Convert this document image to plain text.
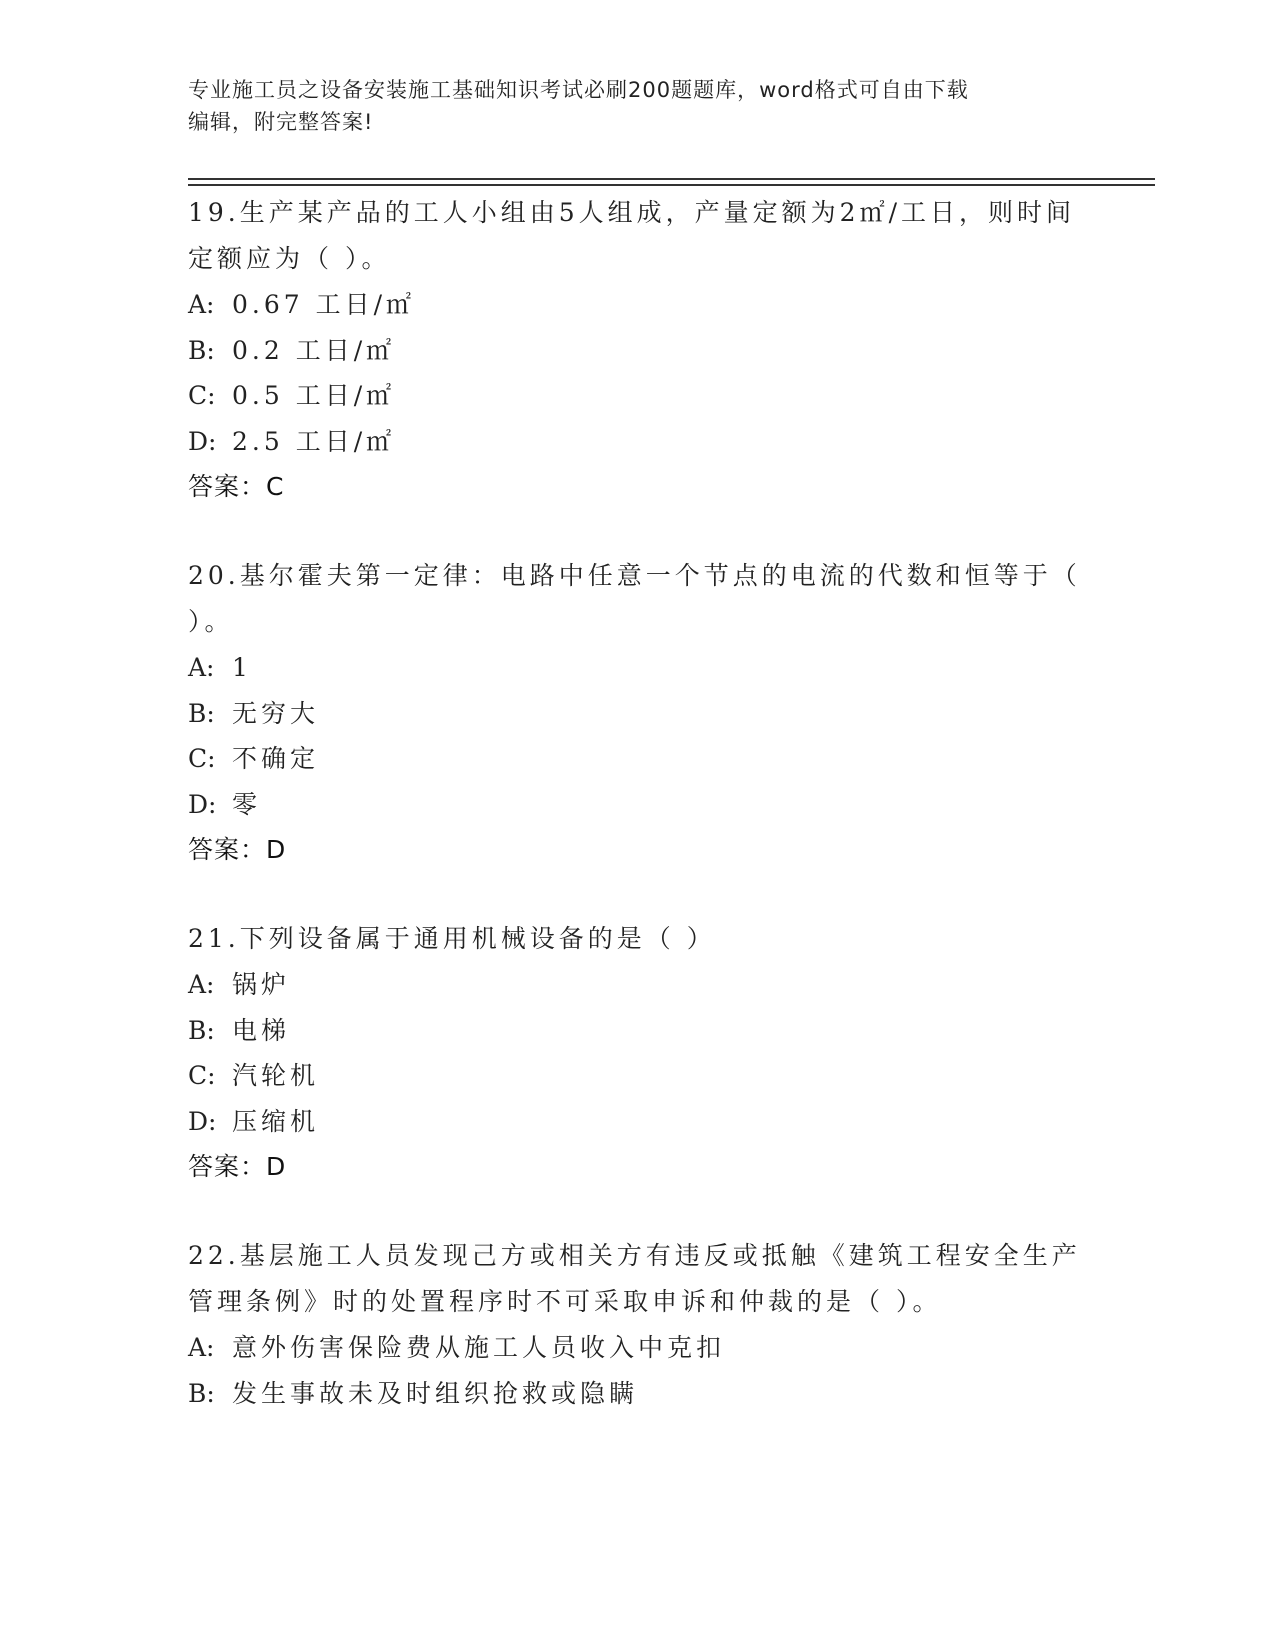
专业施工员之设备安装施工基础知识考试必刷200题题库，word格式可自由下载
编辑，附完整答案!

19.生产某产品的工人小组由5人组成，产量定额为2㎡/工日，则时间定额应为（ ）。

A: 0.67 工日/㎡
B: 0.2 工日/㎡
C: 0.5 工日/㎡
D: 2.5 工日/㎡
答案：C

20.基尔霍夫第一定律：电路中任意一个节点的电流的代数和恒等于（ ）。

A: 1
B: 无穷大
C: 不确定
D: 零
答案：D

21.下列设备属于通用机械设备的是（ ）

A: 锅炉
B: 电梯
C: 汽轮机
D: 压缩机
答案：D

22.基层施工人员发现己方或相关方有违反或抵触《建筑工程安全生产管理条例》时的处置程序时不可采取申诉和仲裁的是（ ）。

A: 意外伤害保险费从施工人员收入中克扣
B: 发生事故未及时组织抢救或隐瞒
